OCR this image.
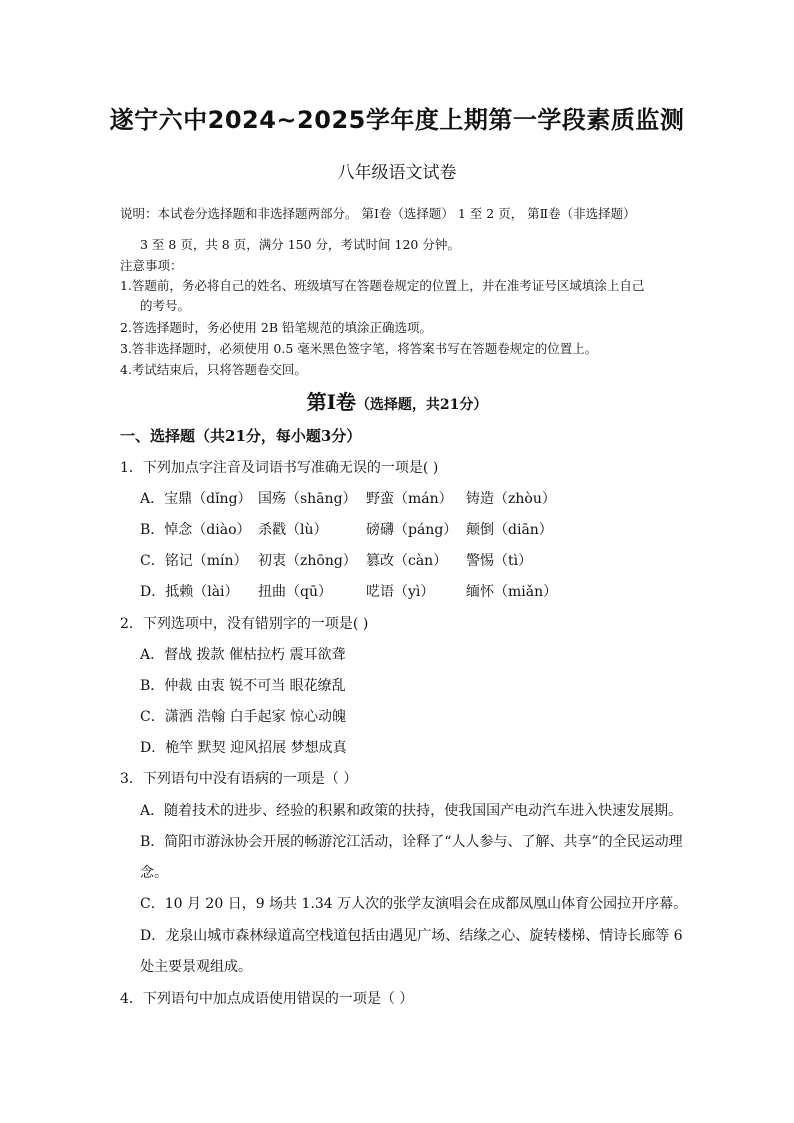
遂宁六中2024~2025学年度上期第一学段素质监测
八年级语文试卷
说明：本试卷分选择题和非选择题两部分。 第Ⅰ卷（选择题） 1 至 2 页， 第Ⅱ卷（非选择题）
3 至 8 页，共 8 页，满分 150 分，考试时间 120 分钟。
注意事项：
1.答题前，务必将自己的姓名、班级填写在答题卷规定的位置上，并在准考证号区域填涂上自己
的考号。
2.答选择题时，务必使用 2B 铅笔规范的填涂正确选项。
3.答非选择题时，必须使用 0.5 毫米黑色签字笔，将答案书写在答题卷规定的位置上。
4.考试结束后，只将答题卷交回。
第Ⅰ卷（选择题，共21分）
一、选择题（共21分，每小题3分）
1．下列加点字注音及词语书写准确无误的一项是( )
A．宝鼎（dǐng） 国殇（shāng） 野蛮（mán） 铸造（zhòu）
B．悼念（diào） 杀戳（lù）	磅礴（páng） 颠倒（diān）
C．铭记（mín） 初衷（zhōng） 篡改（càn） 警惕（tì）
D．抵赖（lài） 扭曲（qū） 呓语（yì） 缅怀（miǎn）
2．下列选项中，没有错别字的一项是( )
A．督战 拨款 催枯拉朽 震耳欲聋
B．仲裁 由衷 锐不可当 眼花缭乱
C．潇洒 浩翰 白手起家 惊心动魄
D．桅竿 默契 迎风招展 梦想成真
3．下列语句中没有语病的一项是（ ）
A．随着技术的进步、经验的积累和政策的扶持，使我国国产电动汽车进入快速发展期。
B．简阳市游泳协会开展的畅游沱江活动，诠释了“人人参与、了解、共享”的全民运动理
念。
C．10 月 20 日，9 场共 1.34 万人次的张学友演唱会在成都凤凰山体育公园拉开序幕。
D．龙泉山城市森林绿道高空栈道包括由遇见广场、结缘之心、旋转楼梯、情诗长廊等 6
处主要景观组成。
4．下列语句中加点成语使用错误的一项是（ ）
